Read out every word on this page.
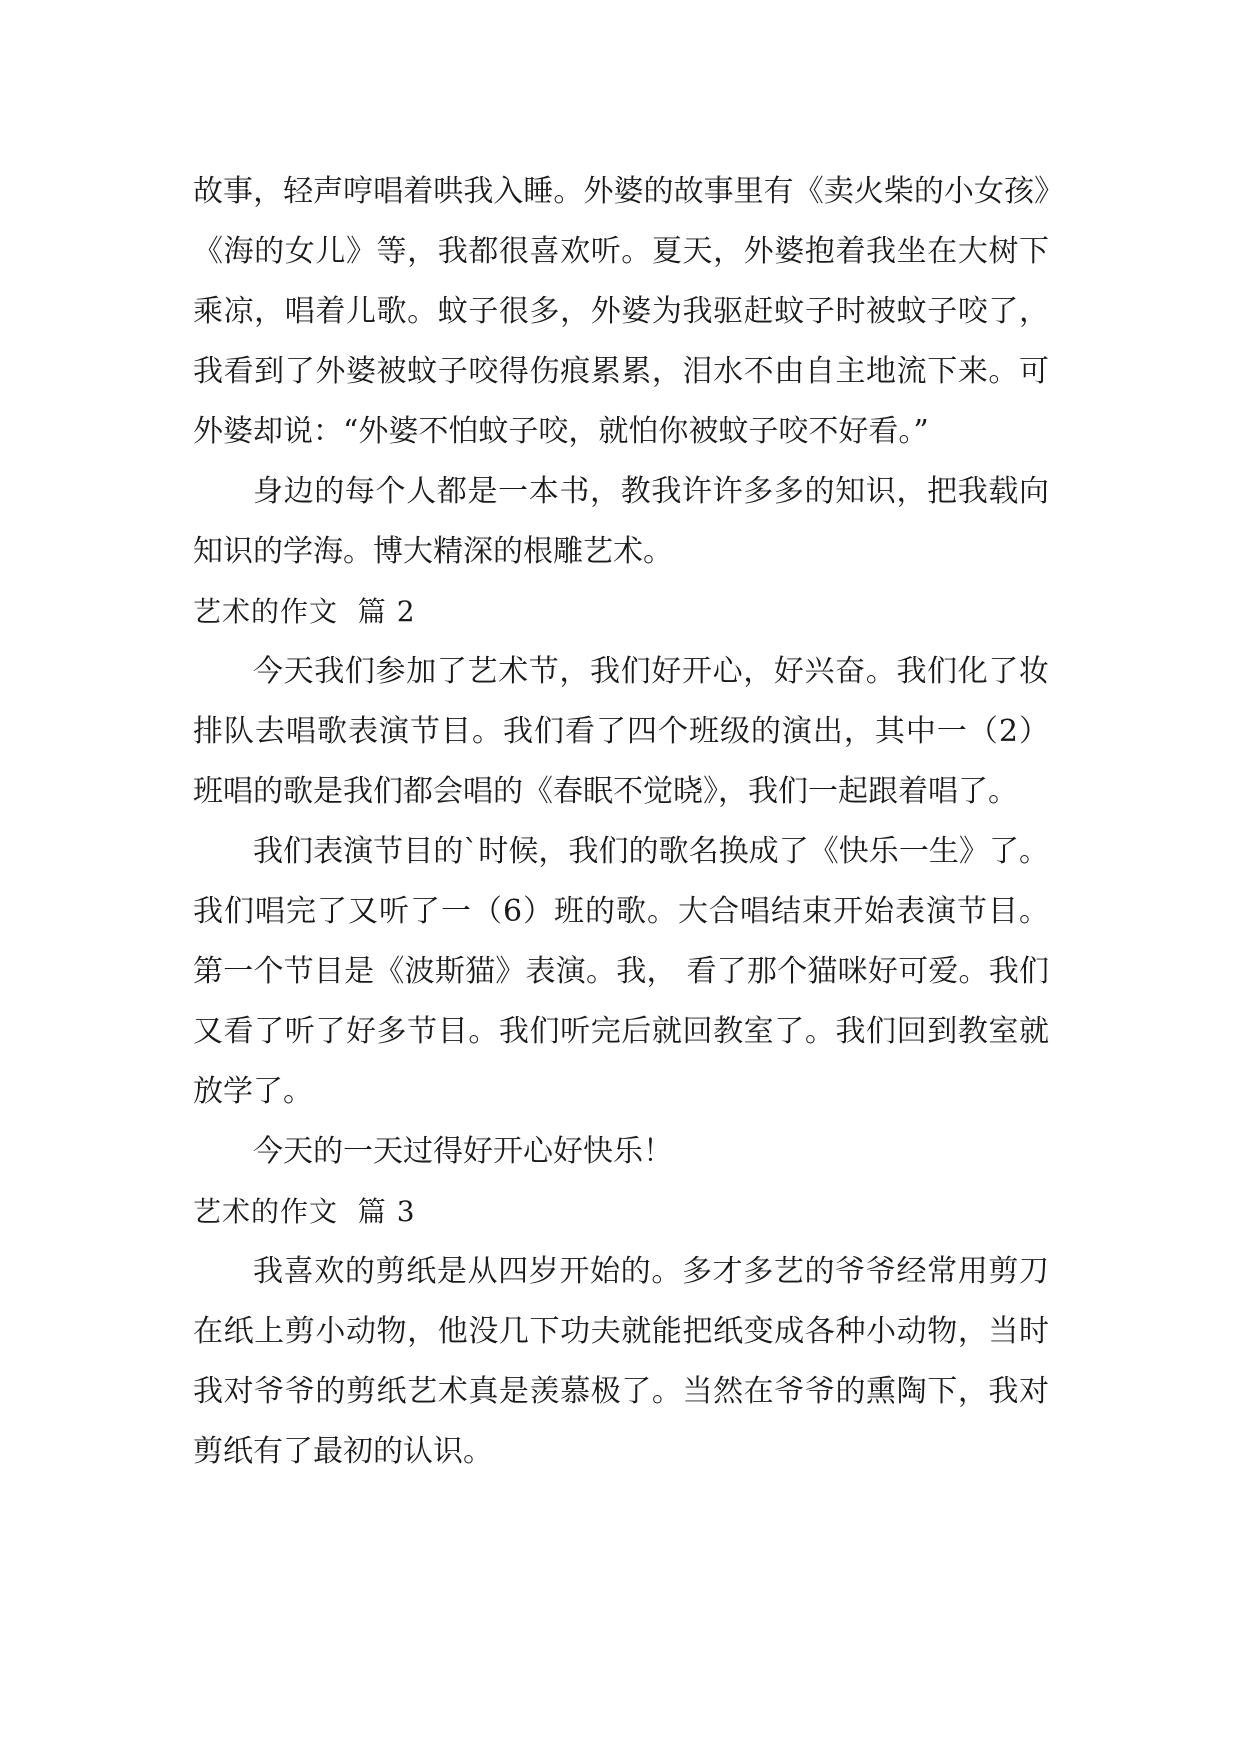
故事，轻声哼唱着哄我入睡。外婆的故事里有《卖火柴的小女孩》《海的女儿》等，我都很喜欢听。夏天，外婆抱着我坐在大树下乘凉，唱着儿歌。蚊子很多，外婆为我驱赶蚊子时被蚊子咬了，我看到了外婆被蚊子咬得伤痕累累，泪水不由自主地流下来。可外婆却说：“外婆不怕蚊子咬，就怕你被蚊子咬不好看。”

身边的每个人都是一本书，教我许许多多的知识，把我载向知识的学海。博大精深的根雕艺术。

艺术的作文  篇 2

今天我们参加了艺术节，我们好开心，好兴奋。我们化了妆排队去唱歌表演节目。我们看了四个班级的演出，其中一（2）班唱的歌是我们都会唱的《春眠不觉晓》，我们一起跟着唱了。

我们表演节目的`时候，我们的歌名换成了《快乐一生》了。我们唱完了又听了一（6）班的歌。大合唱结束开始表演节目。第一个节目是《波斯猫》表演。我， 看了那个猫咪好可爱。我们又看了听了好多节目。我们听完后就回教室了。我们回到教室就放学了。

今天的一天过得好开心好快乐！

艺术的作文  篇 3

我喜欢的剪纸是从四岁开始的。多才多艺的爷爷经常用剪刀在纸上剪小动物，他没几下功夫就能把纸变成各种小动物，当时我对爷爷的剪纸艺术真是羡慕极了。当然在爷爷的熏陶下，我对剪纸有了最初的认识。
